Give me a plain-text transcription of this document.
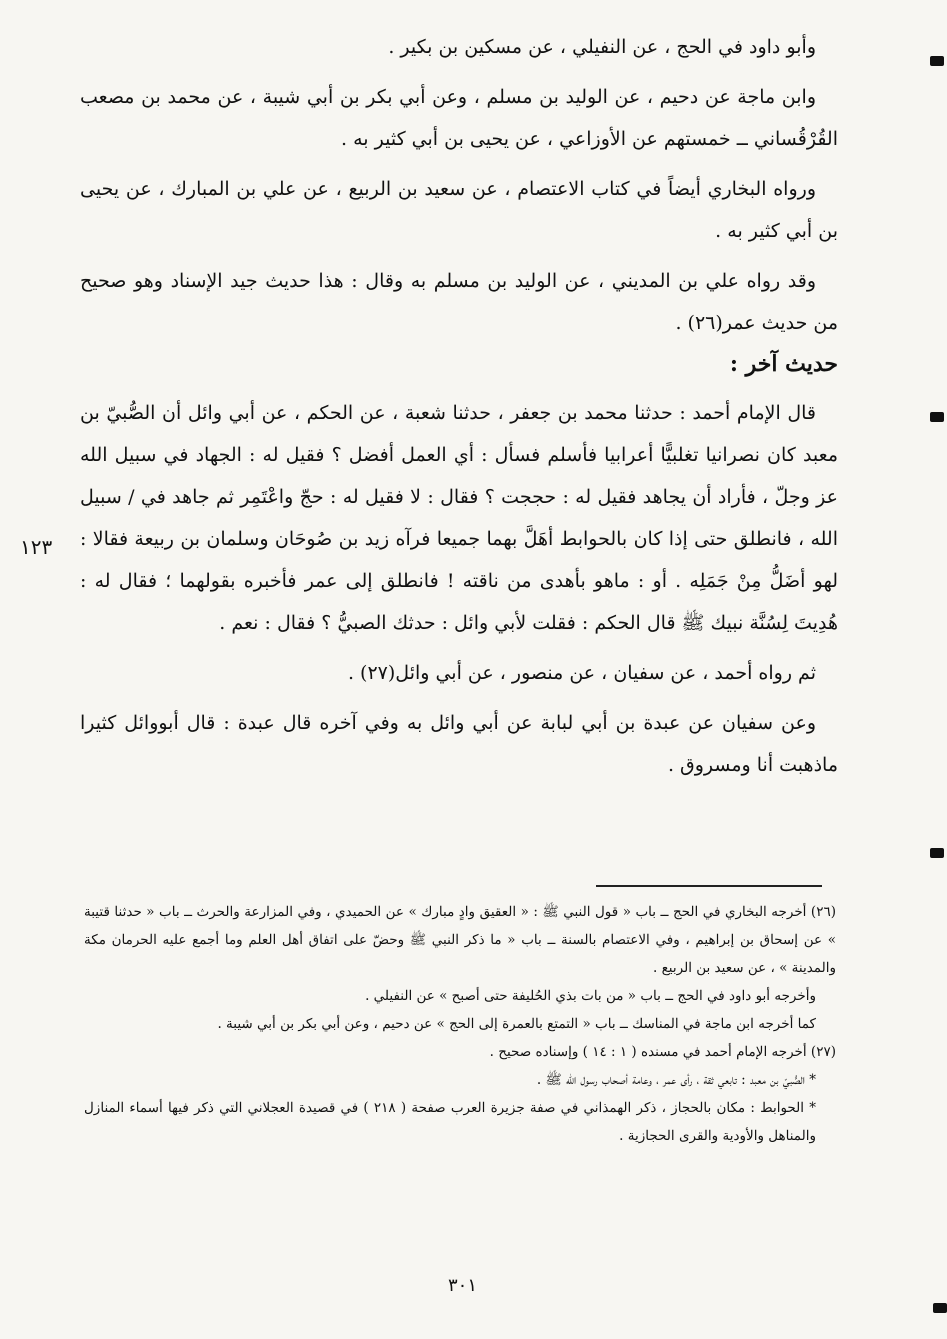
وأبو داود في الحج ، عن النفيلي ، عن مسكين بن بكير .

وابن ماجة عن دحيم ، عن الوليد بن مسلم ، وعن أبي بكر بن أبي شيبة ، عن محمد بن مصعب القُرْقُساني ــ خمستهم عن الأوزاعي ، عن يحيى بن أبي كثير به .

ورواه البخاري أيضاً في كتاب الاعتصام ، عن سعيد بن الربيع ، عن علي بن المبارك ، عن يحيى بن أبي كثير به .

وقد رواه علي بن المديني ، عن الوليد بن مسلم به وقال : هذا حديث جيد الإسناد وهو صحيح من حديث عمر(٢٦) .

حديث آخر :

قال الإمام أحمد : حدثنا محمد بن جعفر ، حدثنا شعبة ، عن الحكم ، عن أبي وائل أن الصُّبيّ بن معبد كان نصرانيا تغلبيًّا أعرابيا فأسلم فسأل : أي العمل أفضل ؟ فقيل له : الجهاد في سبيل الله عز وجلّ ، فأراد أن يجاهد فقيل له : حججت ؟ فقال : لا فقيل له : حجّ واعْتَمِر ثم جاهد في / سبيل الله ، فانطلق حتى إذا كان بالحوابط أهَلَّ بهما جميعا فرآه زيد بن صُوحَان وسلمان بن ربيعة فقالا : لهو أضَلُّ مِنْ جَمَلِه . أو : ماهو بأهدى من ناقته ! فانطلق إلى عمر فأخبره بقولهما ؛ فقال له : هُدِيتَ لِسُنَّة نبيك ﷺ قال الحكم : فقلت لأبي وائل : حدثك الصبيُّ ؟ فقال : نعم .

ثم رواه أحمد ، عن سفيان ، عن منصور ، عن أبي وائل(٢٧) .

وعن سفيان عن عبدة بن أبي لبابة عن أبي وائل به وفي آخره قال عبدة : قال أبووائل كثيرا ماذهبت أنا ومسروق .

١٢٣

(٢٦) أخرجه البخاري في الحج ــ باب « قول النبي ﷺ : « العقيق وادٍ مبارك » عن الحميدي ، وفي المزارعة والحرث ــ باب « حدثنا قتيبة » عن إسحاق بن إبراهيم ، وفي الاعتصام بالسنة ــ باب « ما ذكر النبي ﷺ وحضّ على اتفاق أهل العلم وما أجمع عليه الحرمان مكة والمدينة » ، عن سعيد بن الربيع .

وأخرجه أبو داود في الحج ــ باب « من بات بذي الحُليفة حتى أصبح » عن النفيلي .

كما أخرجه ابن ماجة في المناسك ــ باب « التمتع بالعمرة إلى الحج » عن دحيم ، وعن أبي بكر بن أبي شيبة .

(٢٧) أخرجه الإمام أحمد في مسنده ( ١ : ١٤ ) وإسناده صحيح .

* الصُّبيّ بن معبد : تابعي ثقة ، رأى عمر ، وعامة أصحاب رسول الله ﷺ .

* الحوابط : مكان بالحجاز ، ذكر الهمذاني في صفة جزيرة العرب صفحة ( ٢١٨ ) في قصيدة العجلاني التي ذكر فيها أسماء المنازل والمناهل والأودية والقرى الحجازية .

٣٠١
